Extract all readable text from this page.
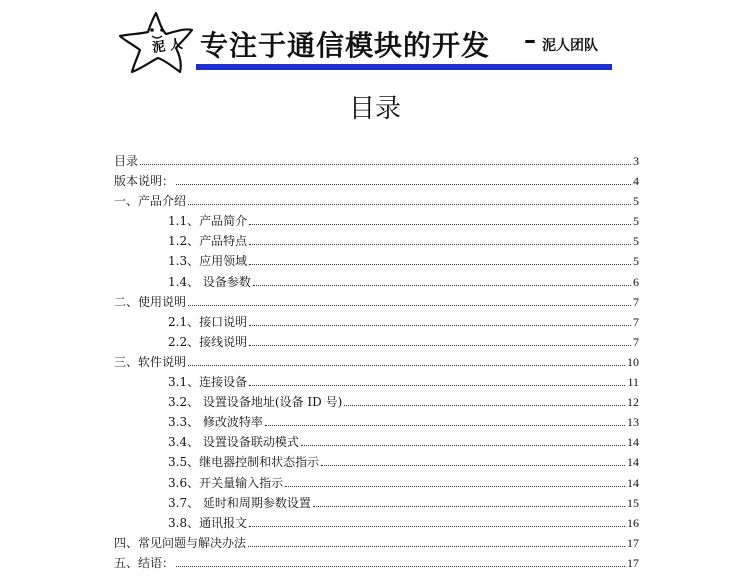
泥 人 专注于通信模块的开发 – 泥人团队
目录
目录	3
版本说明：	4
一、产品介绍	5
1.1、产品简介	5
1.2、产品特点	5
1.3、应用领域	5
1.4、 设备参数	6
二、使用说明	7
2.1、接口说明	7
2.2、接线说明	7
三、软件说明	10
3.1、连接设备	11
3.2、 设置设备地址(设备 ID 号)	12
3.3、 修改波特率	13
3.4、 设置设备联动模式	14
3.5、继电器控制和状态指示	14
3.6、开关量输入指示	14
3.7、 延时和周期参数设置	15
3.8、通讯报文	16
四、常见问题与解决办法	17
五、结语：	17
